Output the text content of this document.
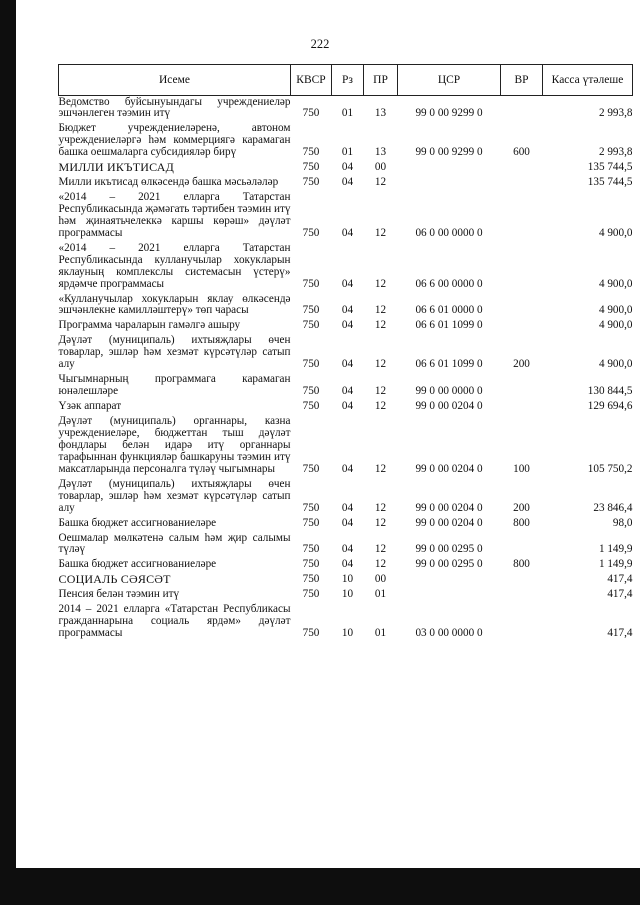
222
Исеме	КВСР	Рз	ПР	ЦСР	ВР	Касса үтәлеше
Ведомство буйсынуындагы учреждениеләр эшчәнлеген тәэмин итү	750	01	13	99 0 00 9299 0		2 993,8
Бюджет учреждениеләренә, автоном учреждениеләргә һәм коммерциягә карамаган башка оешмаларга субсидияләр бирү	750	01	13	99 0 00 9299 0	600	2 993,8
МИЛЛИ ИКЪТИСАД	750	04	00			135 744,5
Милли икътисад өлкәсендә башка мәсьәләләр	750	04	12			135 744,5
«2014 – 2021 елларга Татарстан Республикасында җәмәгать тәртибен тәэмин итү һәм җинаятьчелеккә каршы көрәш» дәүләт программасы	750	04	12	06 0 00 0000 0		4 900,0
«2014 – 2021 елларга Татарстан Республикасында кулланучылар хокукларын яклауның комплекслы системасын үстерү» ярдәмче программасы	750	04	12	06 6 00 0000 0		4 900,0
«Кулланучылар хокукларын яклау өлкәсендә эшчәнлекне камилләштерү» төп чарасы	750	04	12	06 6 01 0000 0		4 900,0
Программа чараларын гамәлгә ашыру	750	04	12	06 6 01 1099 0		4 900,0
Дәүләт (муниципаль) ихтыяҗлары өчен товарлар, эшләр һәм хезмәт күрсәтүләр сатып алу	750	04	12	06 6 01 1099 0	200	4 900,0
Чыгымнарның программага карамаган юнәлешләре	750	04	12	99 0 00 0000 0		130 844,5
Үзәк аппарат	750	04	12	99 0 00 0204 0		129 694,6
Дәүләт (муниципаль) органнары, казна учреждениеләре, бюджеттан тыш дәүләт фондлары белән идарә итү органнары тарафыннан функцияләр башкаруны тәэмин итү максатларында персоналга түләү чыгымнары	750	04	12	99 0 00 0204 0	100	105 750,2
Дәүләт (муниципаль) ихтыяҗлары өчен товарлар, эшләр һәм хезмәт күрсәтүләр сатып алу	750	04	12	99 0 00 0204 0	200	23 846,4
Башка бюджет ассигнованиеләре	750	04	12	99 0 00 0204 0	800	98,0
Оешмалар мөлкәтенә салым һәм җир салымы түләү	750	04	12	99 0 00 0295 0		1 149,9
Башка бюджет ассигнованиеләре	750	04	12	99 0 00 0295 0	800	1 149,9
СОЦИАЛЬ СӘЯСӘТ	750	10	00			417,4
Пенсия белән тәэмин итү	750	10	01			417,4
2014 – 2021 елларга «Татарстан Республикасы гражданнарына социаль ярдәм» дәүләт программасы	750	10	01	03 0 00 0000 0		417,4
